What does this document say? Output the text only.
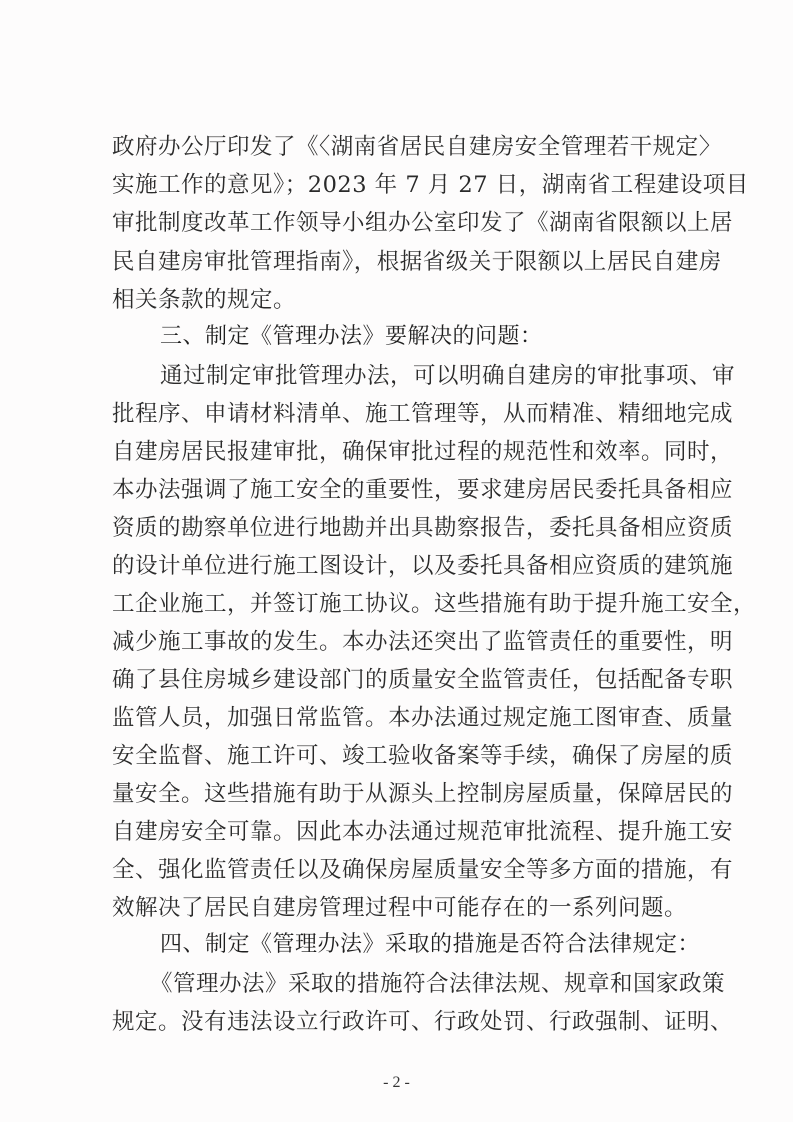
政府办公厅印发了《〈湖南省居民自建房安全管理若干规定〉
实施工作的意见》；2023 年 7 月 27 日，湖南省工程建设项目
审批制度改革工作领导小组办公室印发了《湖南省限额以上居
民自建房审批管理指南》，根据省级关于限额以上居民自建房
相关条款的规定。
三、制定《管理办法》要解决的问题：
通过制定审批管理办法，可以明确自建房的审批事项、审
批程序、申请材料清单、施工管理等，从而精准、精细地完成
自建房居民报建审批，确保审批过程的规范性和效率。同时，
本办法强调了施工安全的重要性，要求建房居民委托具备相应
资质的勘察单位进行地勘并出具勘察报告，委托具备相应资质
的设计单位进行施工图设计，以及委托具备相应资质的建筑施
工企业施工，并签订施工协议。这些措施有助于提升施工安全，
减少施工事故的发生。本办法还突出了监管责任的重要性，明
确了县住房城乡建设部门的质量安全监管责任，包括配备专职
监管人员，加强日常监管。本办法通过规定施工图审查、质量
安全监督、施工许可、竣工验收备案等手续，确保了房屋的质
量安全。这些措施有助于从源头上控制房屋质量，保障居民的
自建房安全可靠。因此本办法通过规范审批流程、提升施工安
全、强化监管责任以及确保房屋质量安全等多方面的措施，有
效解决了居民自建房管理过程中可能存在的一系列问题。
四、制定《管理办法》采取的措施是否符合法律规定：
《管理办法》采取的措施符合法律法规、规章和国家政策
规定。没有违法设立行政许可、行政处罚、行政强制、证明、
- 2 -
